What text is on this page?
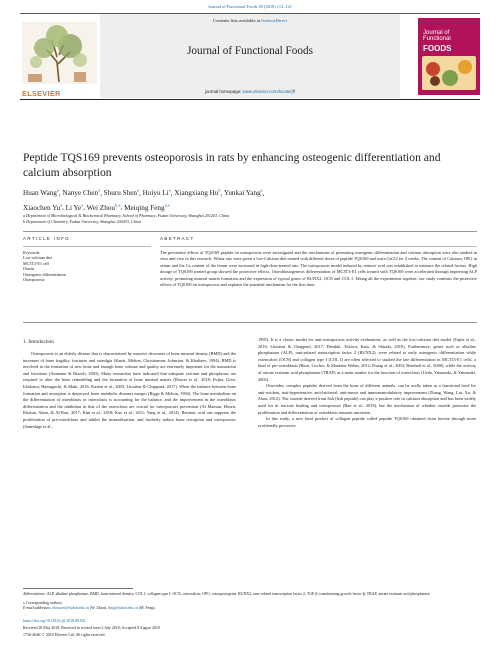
Journal of Functional Foods 49 (2018) 113–121
ELSEVIER
Contents lists available at ScienceDirect
Journal of Functional Foods
journal homepage: www.elsevier.com/locate/jff
Journal of
Functional
FOODS
Peptide TQS169 prevents osteoporosis in rats by enhancing osteogenic differentiation and calcium absorption
Huan Wang$^a$, Nanye Chen$^a$, Shuru Shen$^a$, Huiyu Li$^a$, Xiangxiang Hu$^b$, Yunkai Yang$^a$,
Xiaochen Yu$^a$, Li Ye$^a$, Wei Zhou$^{b,⁎}$, Meiqing Feng$^{a,⁎}$
a Department of Microbiological & Biochemical Pharmacy, School of Pharmacy, Fudan University, Shanghai 201203, China
b Department of Chemistry, Fudan University, Shanghai 200433, China
ARTICLE INFO	ABSTRACT
Keywords:
Low-calcium diet
MC3T3-E1 cell
Ossein
Osteogenic differentiation
Osteoporosis
The preventive effects of TQS169 peptide on osteoporosis were investigated and the mechanisms of promoting osteogenic differentiation and calcium absorption were also studied in vitro and vivo in this research. Wistar rats were given a low-Calcium diet treated with different doses of peptide TQS169 and extra CaCl2 for 4 weeks. The content of Calcium, OPG in serum and the Ca content of the femur were increased in high-dose-treated rats. The osteoporosis model induced by retinoic acid was established to measure the related factors. High dosage of TQS169 treated group showed the protective effects. Osteoblastogenesis differentiation of MC3T3-E1 cells treated with TQS169 were accelerated through improving ALP activity, promoting mineral matrix formation and the expression of typical genes of RUNX2, OCN and COL I. Taking all the experiments together, our study confirms the protective effects of TQS169 on osteoporosis and explains the potential mechanism for the first time.
1. Introduction

Osteoporosis is an elderly disease that is characterized by massive decreases of bone mineral density (BMD) and the increases of bone fragility, fractures and osteolgia (Kanis, Melton, Christiansen, Johnston, & Khaltaev, 1994). BMD is involved in the formation of new bone and enough bone volume and quality are extremely important for the maturation and functions (Ammann & Rizzoli, 2003). Many researches have indicated that adequate calcium and phosphorus are required to alter the bone remodeling and the formation of bone mineral matrix (Bisson et al., 2018; Fujita, Goto, Ichikawa, Hamaguchi, & Maki, 2016; Kasten et al., 2003; Lhoubas & Chappard, 2017). When the balance between bone formation and resorption is destroyed, bone metabolic diseases merges (Riggs & Melton, 1992). The bone metabolism on the differentiation of osteoblasts or osteoclasts is accounting for the balance, and the improvement in the osteoblasts differentiation and the inhibition in that of the osteoclasts are crucial for osteoporosis prevention (Al Mamun, Hosen, Khatun, Alam, & Al-Bari, 2017; Kim et al., 2018; Kuo et al., 2011; Yang et al., 2014). Retinoic acid can suppress the proliferation of pre-osteoblasts and inhibit the mineralization, and furtherly induce bone resorption and osteoporosis (Saneshige et al.,

1995). It is a classic model for anti-osteoporosis activity evaluations, as well as the low-calcium diet model (Fujita et al., 2016; Lhoubas & Chappard, 2017; Derakhi, Tokiwa, Kato, & Shiraki, 2018). Furthermore, genes such as alkaline phosphatase (ALP), runt-related transcription factor 2 (RUNX2), were related to early osteogenic differentiation while osteocalcin (OCN) and collagen type I (COL I) are often selected to studied the late differentiation in MC3T3-E1 cells, a kind of pre-osteoblasts (Burn, Lischer, & Maniatis-Weber, 2012; Pratap et al., 2003; Reinholt et al., 2000), while the activity of artrate resistant acid phosphatase (TRAP) as a main marker for the function of osteoclasts (Ueda, Yamazaki, & Yamazaki, 2002).

Osseoides, complex peptides derived from the bone of different animals, can be orally taken as a functional food for anti-oxidant, anti-hypertensive, anti-bacterial, anti-tumor and immunomodulatory improvement (Zhang, Wang, Liu, Xu, & Zhou, 2012). The osseide derived from fish (fish peptide) can play a positive role in calcium absorption and has been widely used for in fracture healing and osteoporosis (Bao et al., 2016), but the mechanism of whether osseide promotes the proliferation and differentiation of osteoblasts remains uncertain.

In this study, a new kind product of collagen peptide called peptide TQS169 obtained from bovine through more ecofriendly processes

Abbreviations: ALP, alkaline phosphatase; BMD, bone mineral density; COL I, collagen type I; OCN, osteocalcin; OPG, osteoprotegerin; RUNX2, runt-related transcription factor 2; TGF-β, transforming growth factor-β; TRAP, artrate resistant acid phosphatase.
⁎ Corresponding authors.
E-mail addresses: zhouwei@fudan.edu.cn (W. Zhou), fmq@fudan.edu.cn (M. Feng).
https://doi.org/10.1016/j.jff.2018.08.021
Received 28 May 2018; Received in revised form 2 July 2018; Accepted 8 August 2018
1756-4646/ © 2018 Elsevier Ltd. All rights reserved.
